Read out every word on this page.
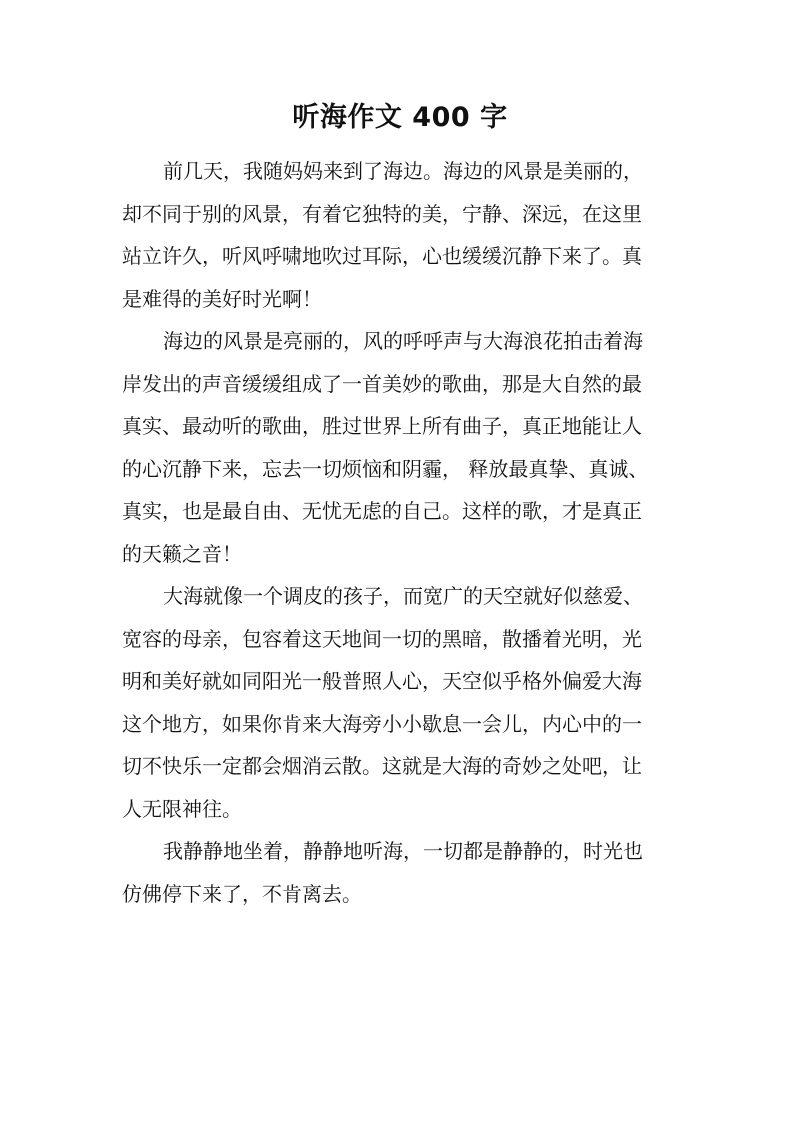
听海作文 400 字
前几天，我随妈妈来到了海边。海边的风景是美丽的，
却不同于别的风景，有着它独特的美，宁静、深远，在这里
站立许久，听风呼啸地吹过耳际，心也缓缓沉静下来了。真
是难得的美好时光啊！
海边的风景是亮丽的，风的呼呼声与大海浪花拍击着海
岸发出的声音缓缓组成了一首美妙的歌曲，那是大自然的最
真实、最动听的歌曲，胜过世界上所有曲子，真正地能让人
的心沉静下来，忘去一切烦恼和阴霾， 释放最真挚、真诚、
真实，也是最自由、无忧无虑的自己。这样的歌，才是真正
的天籁之音！
大海就像一个调皮的孩子，而宽广的天空就好似慈爱、
宽容的母亲，包容着这天地间一切的黑暗，散播着光明，光
明和美好就如同阳光一般普照人心，天空似乎格外偏爱大海
这个地方，如果你肯来大海旁小小歇息一会儿，内心中的一
切不快乐一定都会烟消云散。这就是大海的奇妙之处吧，让
人无限神往。
我静静地坐着，静静地听海，一切都是静静的，时光也
仿佛停下来了，不肯离去。
